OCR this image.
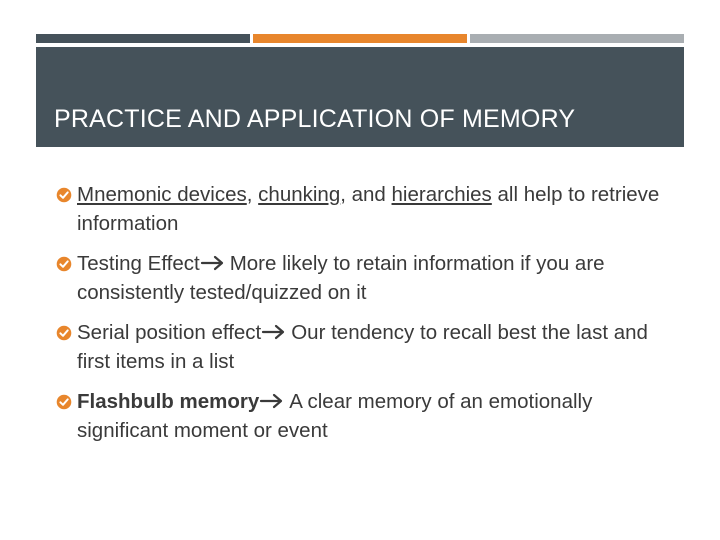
PRACTICE AND APPLICATION OF MEMORY
Mnemonic devices, chunking, and hierarchies all help to retrieve information
Testing Effect More likely to retain information if you are consistently tested/quizzed on it
Serial position effect Our tendency to recall best the last and first items in a list
Flashbulb memory A clear memory of an emotionally significant moment or event
